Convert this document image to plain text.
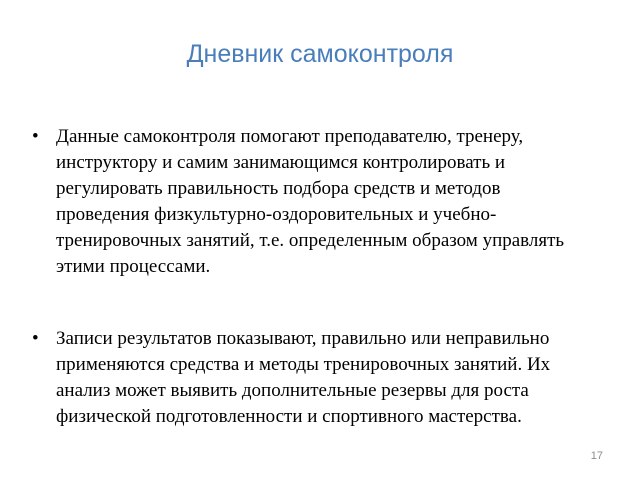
Дневник самоконтроля
• Данные самоконтроля помогают преподавателю, тренеру, инструктору и самим занимающимся контролировать и регулировать правильность подбора средств и методов проведения физкультурно-оздоровительных и учебно-тренировочных занятий, т.е. определенным образом управлять этими процессами.
• Записи результатов показывают, правильно или неправильно применяются средства и методы тренировочных занятий. Их анализ может выявить дополнительные резервы для роста физической подготовленности и спортивного мастерства.
17
